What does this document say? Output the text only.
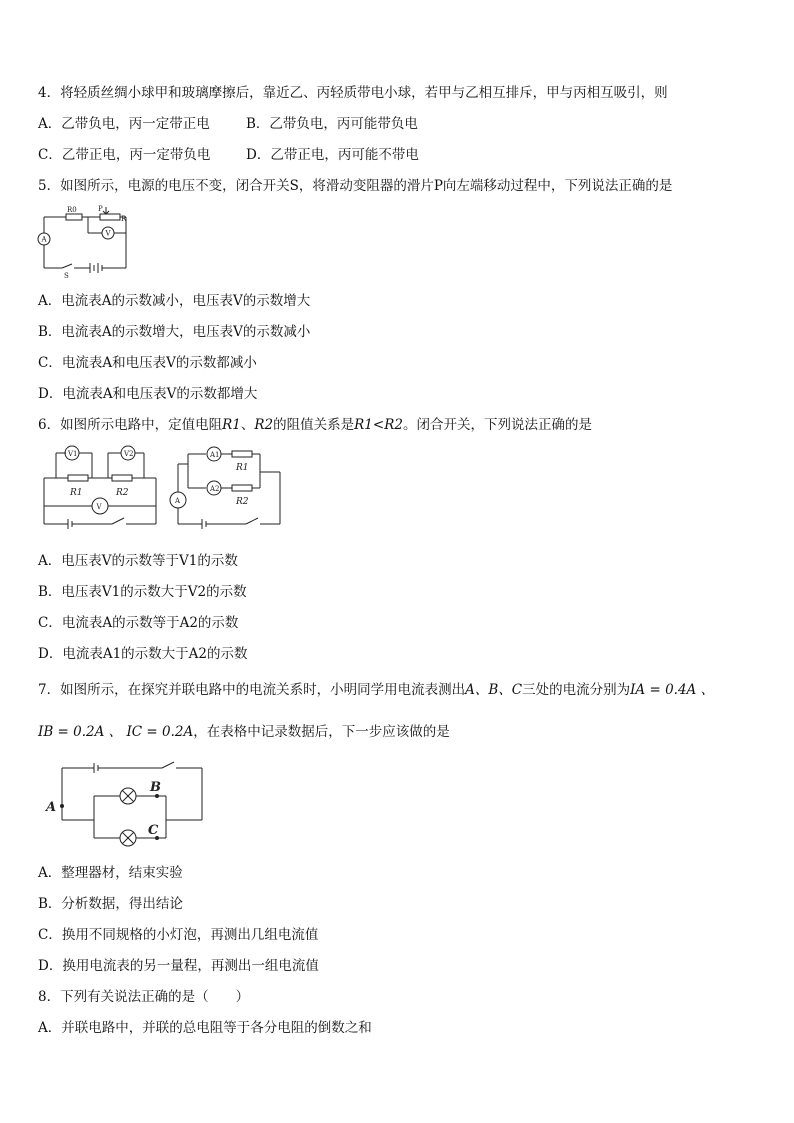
4．将轻质丝绸小球甲和玻璃摩擦后，靠近乙、丙轻质带电小球，若甲与乙相互排斥，甲与丙相互吸引，则
A．乙带负电，丙一定带正电	B．乙带负电，丙可能带负电
C．乙带正电，丙一定带负电	D．乙带正电，丙可能不带电
5．如图所示，电源的电压不变，闭合开关S，将滑动变阻器的滑片P向左端移动过程中，下列说法正确的是
R0	P
R
A
V
S
A．电流表A的示数减小，电压表V的示数增大
B．电流表A的示数增大，电压表V的示数减小
C．电流表A和电压表V的示数都减小
D．电流表A和电压表V的示数都增大
6．如图所示电路中，定值电阻R1、R2的阻值关系是R1<R2。闭合开关，下列说法正确的是
V1	V2
V
R1	R2
A1
A2
A
R1
R2
A．电压表V的示数等于V1的示数
B．电压表V1的示数大于V2的示数
C．电流表A的示数等于A2的示数
D．电流表A1的示数大于A2的示数
7．如图所示，在探究并联电路中的电流关系时，小明同学用电流表测出A、B、C三处的电流分别为IA = 0.4A 、
IB = 0.2A 、 IC = 0.2A，在表格中记录数据后，下一步应该做的是
A
B
C
A．整理器材，结束实验
B．分析数据，得出结论
C．换用不同规格的小灯泡，再测出几组电流值
D．换用电流表的另一量程，再测出一组电流值
8．下列有关说法正确的是（　　）
A．并联电路中，并联的总电阻等于各分电阻的倒数之和
